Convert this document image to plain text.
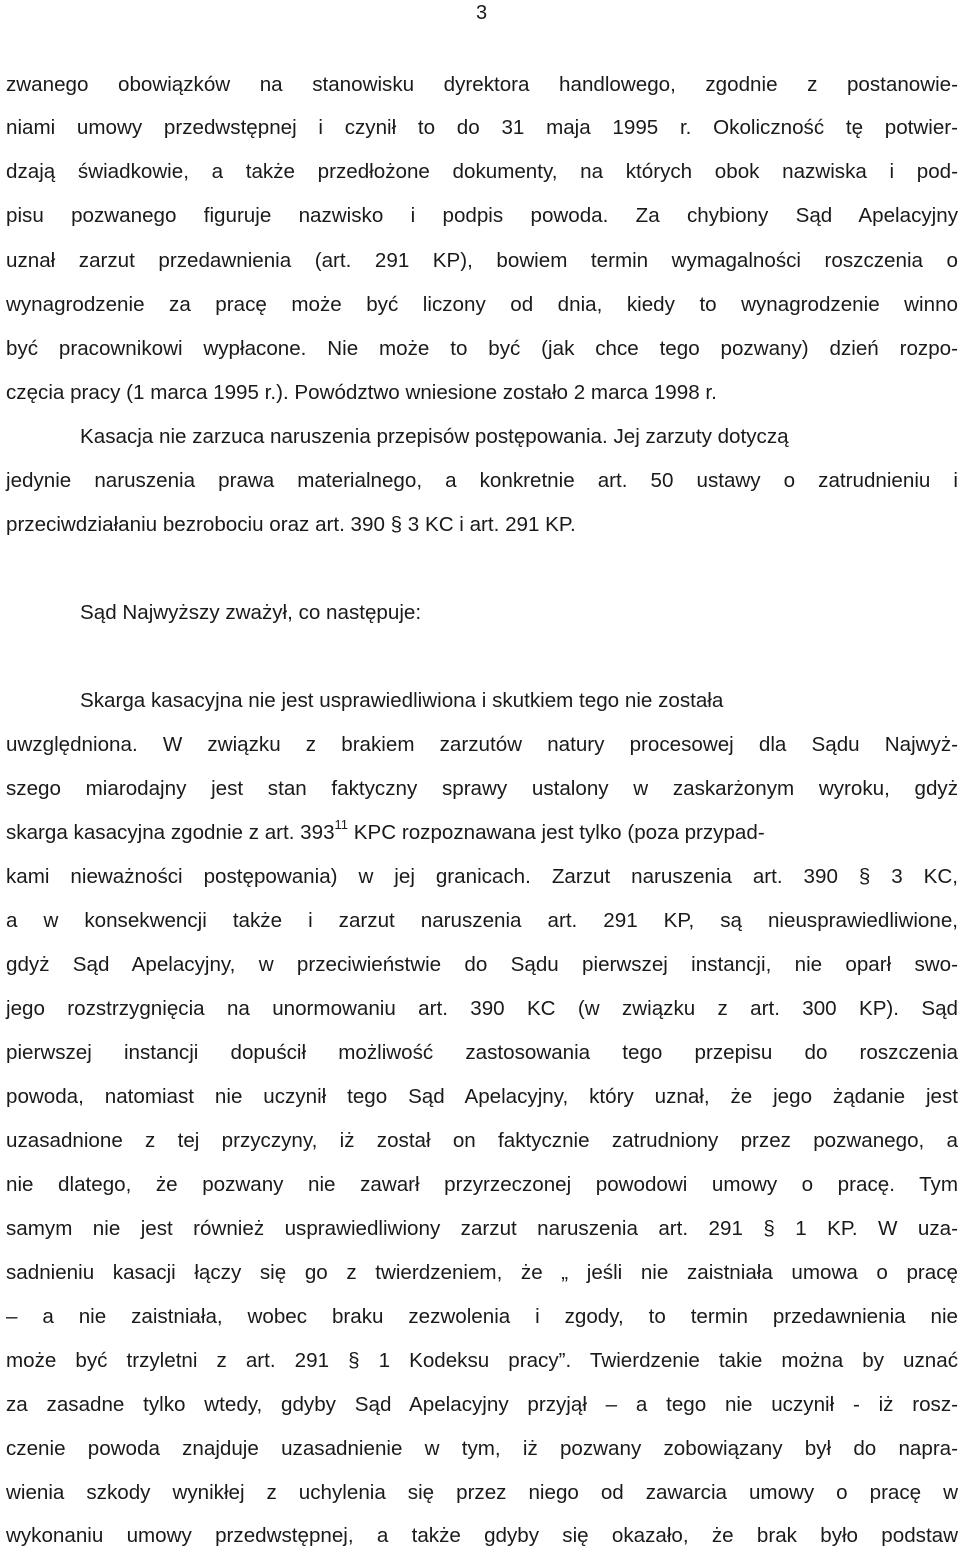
3
zwanego obowiązków na stanowisku dyrektora handlowego, zgodnie z postanowie-
niami umowy przedwstępnej i czynił to do 31 maja 1995 r. Okoliczność tę potwier-
dzają świadkowie, a także przedłożone dokumenty, na których obok nazwiska i pod-
pisu pozwanego figuruje nazwisko i podpis powoda. Za chybiony Sąd Apelacyjny
uznał zarzut przedawnienia (art. 291 KP), bowiem termin wymagalności roszczenia o
wynagrodzenie za pracę może być liczony od dnia, kiedy to wynagrodzenie winno
być pracownikowi wypłacone. Nie może to być (jak chce tego pozwany) dzień rozpo-
częcia pracy (1 marca 1995 r.). Powództwo wniesione zostało 2 marca 1998 r.
Kasacja nie zarzuca naruszenia przepisów postępowania. Jej zarzuty dotyczą
jedynie naruszenia prawa materialnego, a konkretnie art. 50 ustawy o zatrudnieniu i
przeciwdziałaniu bezrobociu oraz art. 390 § 3 KC i art. 291 KP.
Sąd Najwyższy zważył, co następuje:
Skarga kasacyjna nie jest usprawiedliwiona i skutkiem tego nie została
uwzględniona. W związku z brakiem zarzutów natury procesowej dla Sądu Najwyż-
szego miarodajny jest stan faktyczny sprawy ustalony w zaskarżonym wyroku, gdyż
skarga kasacyjna zgodnie z art. $393^{11}$ KPC rozpoznawana jest tylko (poza przypad-
kami nieważności postępowania) w jej granicach. Zarzut naruszenia art. 390 § 3 KC,
a w konsekwencji także i zarzut naruszenia art. 291 KP, są nieusprawiedliwione,
gdyż Sąd Apelacyjny, w przeciwieństwie do Sądu pierwszej instancji, nie oparł swo-
jego rozstrzygnięcia na unormowaniu art. 390 KC (w związku z art. 300 KP). Sąd
pierwszej instancji dopuścił możliwość zastosowania tego przepisu do roszczenia
powoda, natomiast nie uczynił tego Sąd Apelacyjny, który uznał, że jego żądanie jest
uzasadnione z tej przyczyny, iż został on faktycznie zatrudniony przez pozwanego, a
nie dlatego, że pozwany nie zawarł przyrzeczonej powodowi umowy o pracę. Tym
samym nie jest również usprawiedliwiony zarzut naruszenia art. 291 § 1 KP. W uza-
sadnieniu kasacji łączy się go z twierdzeniem, że „ jeśli nie zaistniała umowa o pracę
– a nie zaistniała, wobec braku zezwolenia i zgody, to termin przedawnienia nie
może być trzyletni z art. 291 § 1 Kodeksu pracy”. Twierdzenie takie można by uznać
za zasadne tylko wtedy, gdyby Sąd Apelacyjny przyjął – a tego nie uczynił - iż rosz-
czenie powoda znajduje uzasadnienie w tym, iż pozwany zobowiązany był do napra-
wienia szkody wynikłej z uchylenia się przez niego od zawarcia umowy o pracę w
wykonaniu umowy przedwstępnej, a także gdyby się okazało, że brak było podstaw
